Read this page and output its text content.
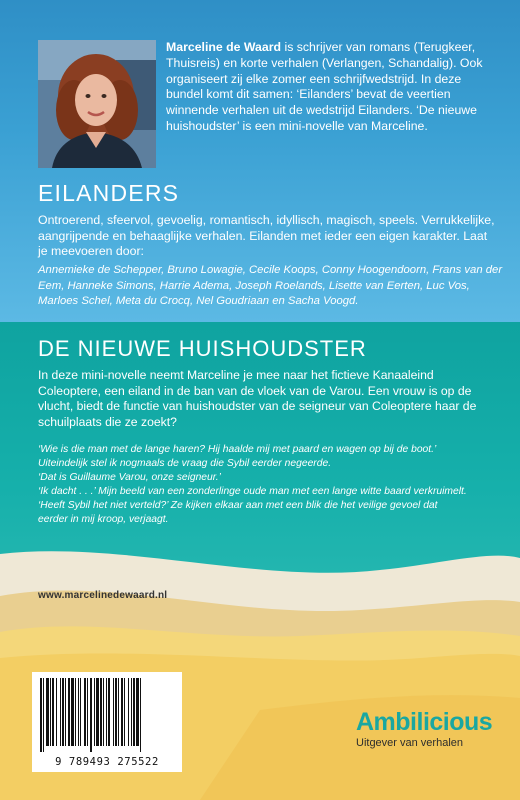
Marceline de Waard is schrijver van romans (Terugkeer, Thuisreis) en korte verhalen (Verlangen, Schandalig). Ook organiseert zij elke zomer een schrijfwedstrijd. In deze bundel komt dit samen: ‘Eilanders’ bevat de veertien winnende verhalen uit de wedstrijd Eilanders. ‘De nieuwe huishoudster’ is een mini-novelle van Marceline.

EILANDERS

Ontroerend, sfeervol, gevoelig, romantisch, idyllisch, magisch, speels. Verrukkelijke, aangrijpende en behaaglijke verhalen. Eilanden met ieder een eigen karakter. Laat je meevoeren door:

Annemieke de Schepper, Bruno Lowagie, Cecile Koops, Conny Hoogendoorn, Frans van der Eem, Hanneke Simons, Harrie Adema, Joseph Roelands, Lisette van Eerten, Luc Vos, Marloes Schel, Meta du Crocq, Nel Goudriaan en Sacha Voogd.

DE NIEUWE HUISHOUDSTER

In deze mini-novelle neemt Marceline je mee naar het fictieve Kanaaleind Coleoptere, een eiland in de ban van de vloek van de Varou. Een vrouw is op de vlucht, biedt de functie van huishoudster van de seigneur van Coleoptere haar de schuilplaats die ze zoekt?

‘Wie is die man met de lange haren? Hij haalde mij met paard en wagen op bij de boot.’

Uiteindelijk stel ik nogmaals de vraag die Sybil eerder negeerde.

‘Dat is Guillaume Varou, onze seigneur.’

‘Ik dacht . . .’ Mijn beeld van een zonderlinge oude man met een lange witte baard verkruimelt.

‘Heeft Sybil het niet verteld?’ Ze kijken elkaar aan met een blik die het veilige gevoel dat

eerder in mij kroop, verjaagt.

www.marcelinedewaard.nl

9 789493 275522

Ambilicious

Uitgever van verhalen
